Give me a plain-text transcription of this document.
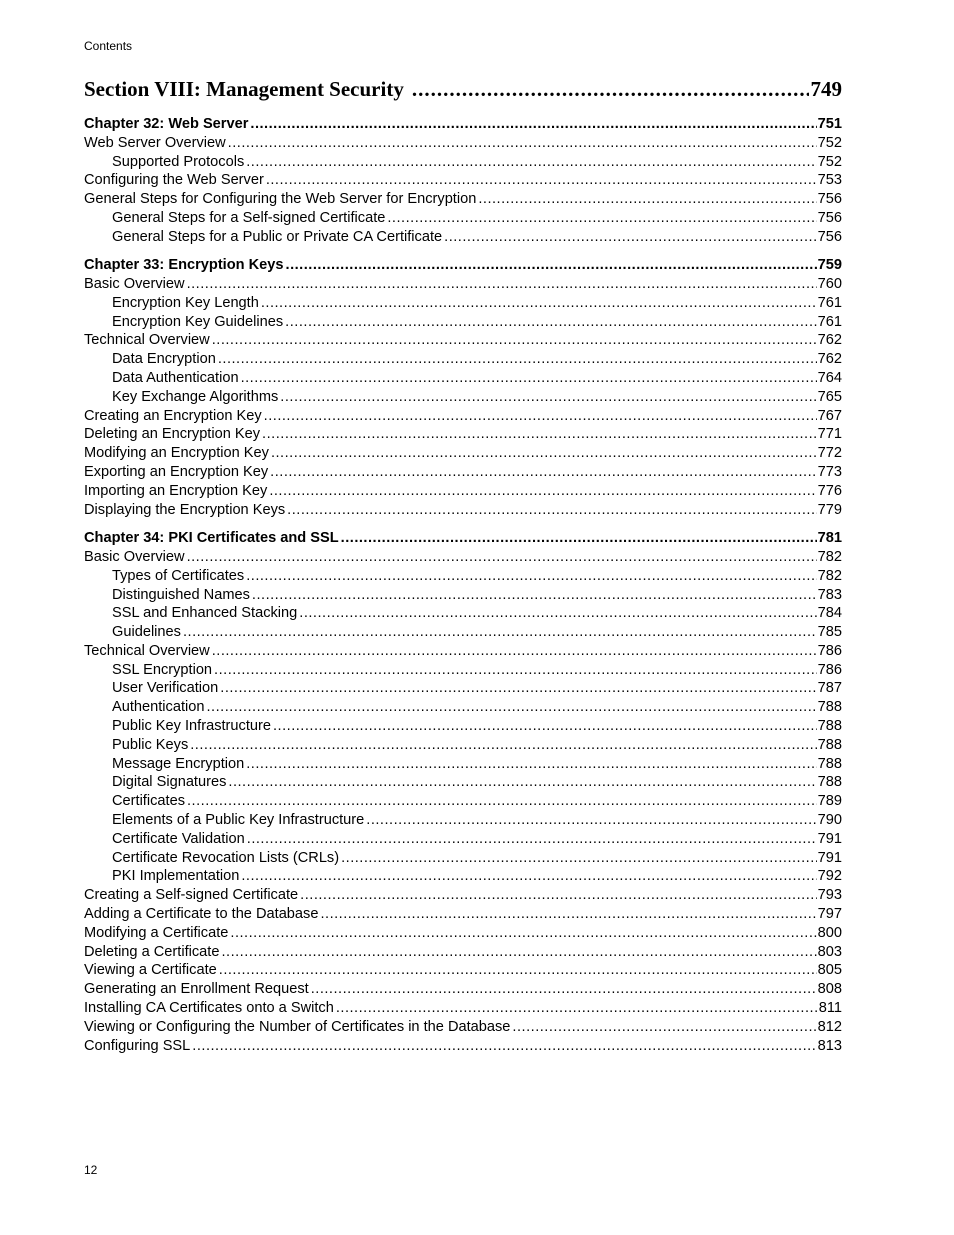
Contents
Section VIII: Management Security .....	749
Chapter 32: Web Server .....	751
Web Server Overview .....	752
Supported Protocols .....	752
Configuring the Web Server .....	753
General Steps for Configuring the Web Server for Encryption .....	756
General Steps for a Self-signed Certificate .....	756
General Steps for a Public or Private CA Certificate .....	756
Chapter 33: Encryption Keys .....	759
Basic Overview .....	760
Encryption Key Length .....	761
Encryption Key Guidelines .....	761
Technical Overview .....	762
Data Encryption .....	762
Data Authentication .....	764
Key Exchange Algorithms .....	765
Creating an Encryption Key .....	767
Deleting an Encryption Key .....	771
Modifying an Encryption Key .....	772
Exporting an Encryption Key .....	773
Importing an Encryption Key .....	776
Displaying the Encryption Keys .....	779
Chapter 34: PKI Certificates and SSL .....	781
Basic Overview .....	782
Types of Certificates .....	782
Distinguished Names .....	783
SSL and Enhanced Stacking .....	784
Guidelines .....	785
Technical Overview .....	786
SSL Encryption .....	786
User Verification .....	787
Authentication .....	788
Public Key Infrastructure .....	788
Public Keys .....	788
Message Encryption .....	788
Digital Signatures .....	788
Certificates .....	789
Elements of a Public Key Infrastructure .....	790
Certificate Validation .....	791
Certificate Revocation Lists (CRLs) .....	791
PKI Implementation .....	792
Creating a Self-signed Certificate .....	793
Adding a Certificate to the Database .....	797
Modifying a Certificate .....	800
Deleting a Certificate .....	803
Viewing a Certificate .....	805
Generating an Enrollment Request .....	808
Installing CA Certificates onto a Switch .....	811
Viewing or Configuring the Number of Certificates in the Database .....	812
Configuring SSL .....	813
12
